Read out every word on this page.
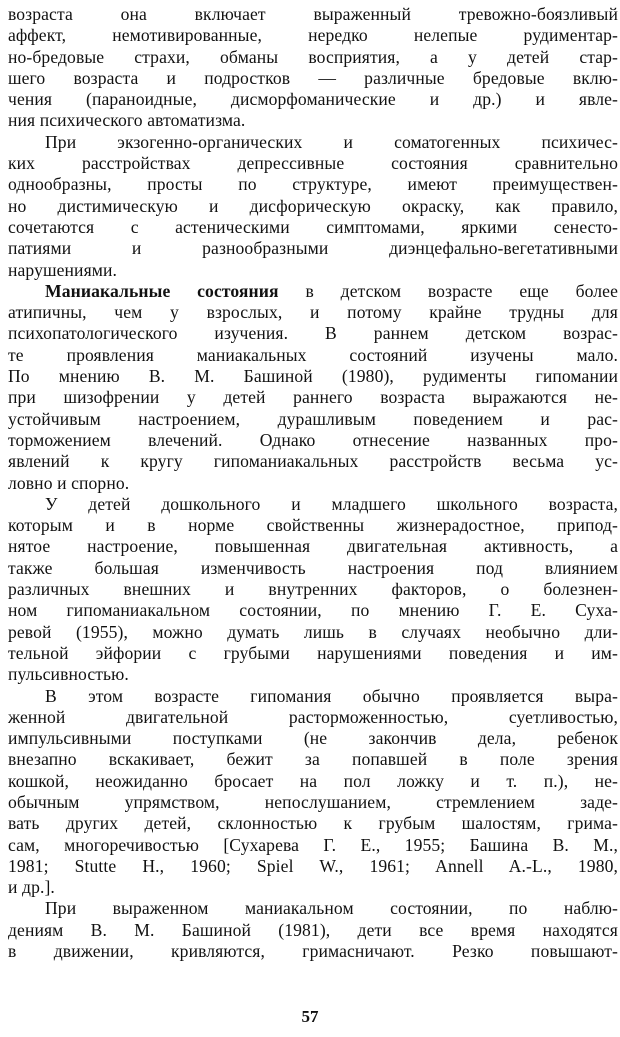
возраста она включает выраженный тревожно-боязливый
аффект, немотивированные, нередко нелепые рудиментар-
но-бредовые страхи, обманы восприятия, а у детей стар-
шего возраста и подростков — различные бредовые вклю-
чения (параноидные, дисморфоманические и др.) и явле-
ния психического автоматизма.
При экзогенно-органических и соматогенных психичес-
ких расстройствах депрессивные состояния сравнительно
однообразны, просты по структуре, имеют преимуществен-
но дистимическую и дисфорическую окраску, как правило,
сочетаются с астеническими симптомами, яркими сенесто-
патиями и разнообразными диэнцефально-вегетативными
нарушениями.
Маниакальные состояния в детском возрасте еще более
атипичны, чем у взрослых, и потому крайне трудны для
психопатологического изучения. В раннем детском возрас-
те проявления маниакальных состояний изучены мало.
По мнению В. М. Башиной (1980), рудименты гипомании
при шизофрении у детей раннего возраста выражаются не-
устойчивым настроением, дурашливым поведением и рас-
торможением влечений. Однако отнесение названных про-
явлений к кругу гипоманиакальных расстройств весьма ус-
ловно и спорно.
У детей дошкольного и младшего школьного возраста,
которым и в норме свойственны жизнерадостное, припод-
нятое настроение, повышенная двигательная активность, а
также большая изменчивость настроения под влиянием
различных внешних и внутренних факторов, о болезнен-
ном гипоманиакальном состоянии, по мнению Г. Е. Суха-
ревой (1955), можно думать лишь в случаях необычно дли-
тельной эйфории с грубыми нарушениями поведения и им-
пульсивностью.
В этом возрасте гипомания обычно проявляется выра-
женной двигательной расторможенностью, суетливостью,
импульсивными поступками (не закончив дела, ребенок
внезапно вскакивает, бежит за попавшей в поле зрения
кошкой, неожиданно бросает на пол ложку и т. п.), не-
обычным упрямством, непослушанием, стремлением заде-
вать других детей, склонностью к грубым шалостям, грима-
сам, многоречивостью [Сухарева Г. Е., 1955; Башина В. М.,
1981; Stutte H., 1960; Spiel W., 1961; Annell A.-L., 1980,
и др.].
При выраженном маниакальном состоянии, по наблю-
дениям В. М. Башиной (1981), дети все время находятся
в движении, кривляются, гримасничают. Резко повышают-
57
